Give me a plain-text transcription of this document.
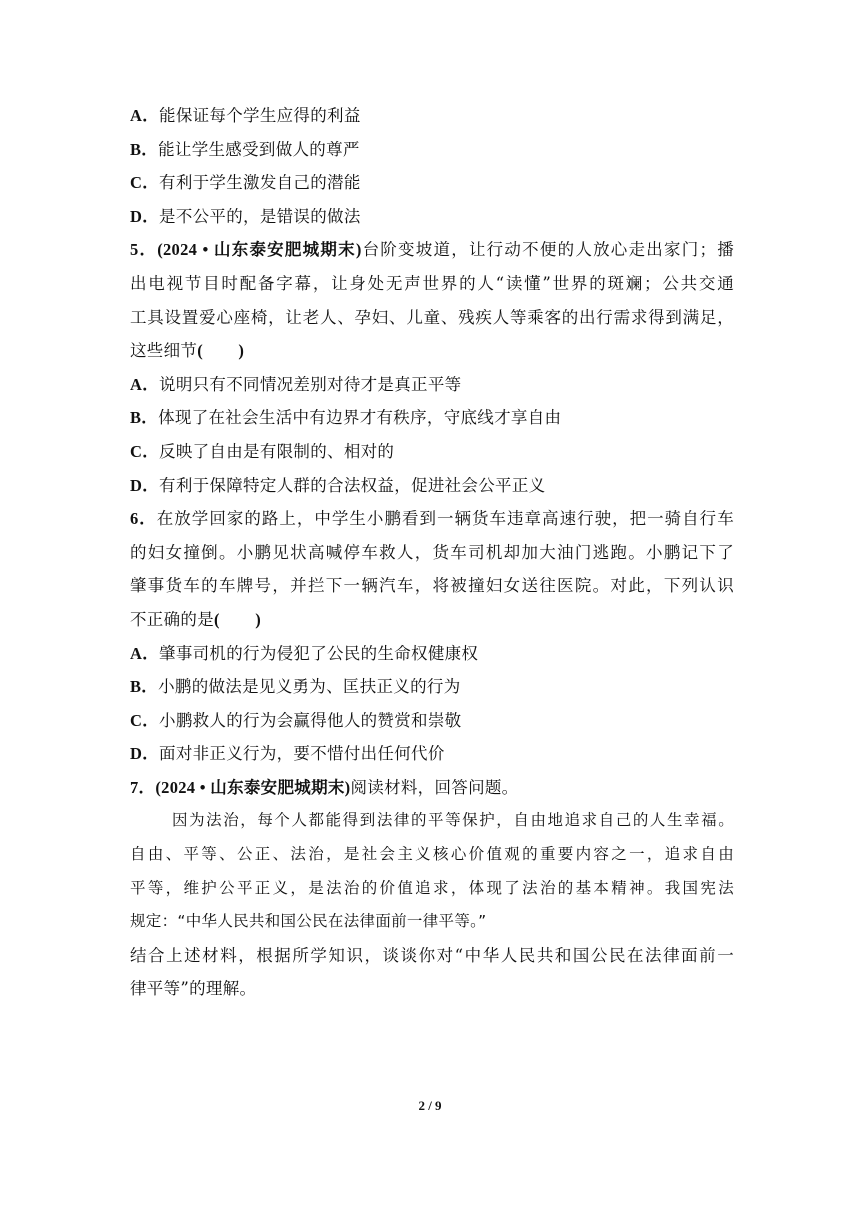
A．能保证每个学生应得的利益
B．能让学生感受到做人的尊严
C．有利于学生激发自己的潜能
D．是不公平的，是错误的做法
5．(2024 • 山东泰安肥城期末)台阶变坡道，让行动不便的人放心走出家门；播
出电视节目时配备字幕，让身处无声世界的人“读懂”世界的斑斓；公共交通
工具设置爱心座椅，让老人、孕妇、儿童、残疾人等乘客的出行需求得到满足，
这些细节(        )
A．说明只有不同情况差别对待才是真正平等
B．体现了在社会生活中有边界才有秩序，守底线才享自由
C．反映了自由是有限制的、相对的
D．有利于保障特定人群的合法权益，促进社会公平正义
6．在放学回家的路上，中学生小鹏看到一辆货车违章高速行驶，把一骑自行车
的妇女撞倒。小鹏见状高喊停车救人，货车司机却加大油门逃跑。小鹏记下了
肇事货车的车牌号，并拦下一辆汽车，将被撞妇女送往医院。对此，下列认识
不正确的是(        )
A．肇事司机的行为侵犯了公民的生命权健康权
B．小鹏的做法是见义勇为、匡扶正义的行为
C．小鹏救人的行为会赢得他人的赞赏和崇敬
D．面对非正义行为，要不惜付出任何代价
7．(2024 • 山东泰安肥城期末)阅读材料，回答问题。
因为法治，每个人都能得到法律的平等保护，自由地追求自己的人生幸福。
自由、平等、公正、法治，是社会主义核心价值观的重要内容之一，追求自由
平等，维护公平正义，是法治的价值追求，体现了法治的基本精神。我国宪法
规定：“中华人民共和国公民在法律面前一律平等。”
结合上述材料，根据所学知识，谈谈你对“中华人民共和国公民在法律面前一
律平等”的理解。
2 / 9
